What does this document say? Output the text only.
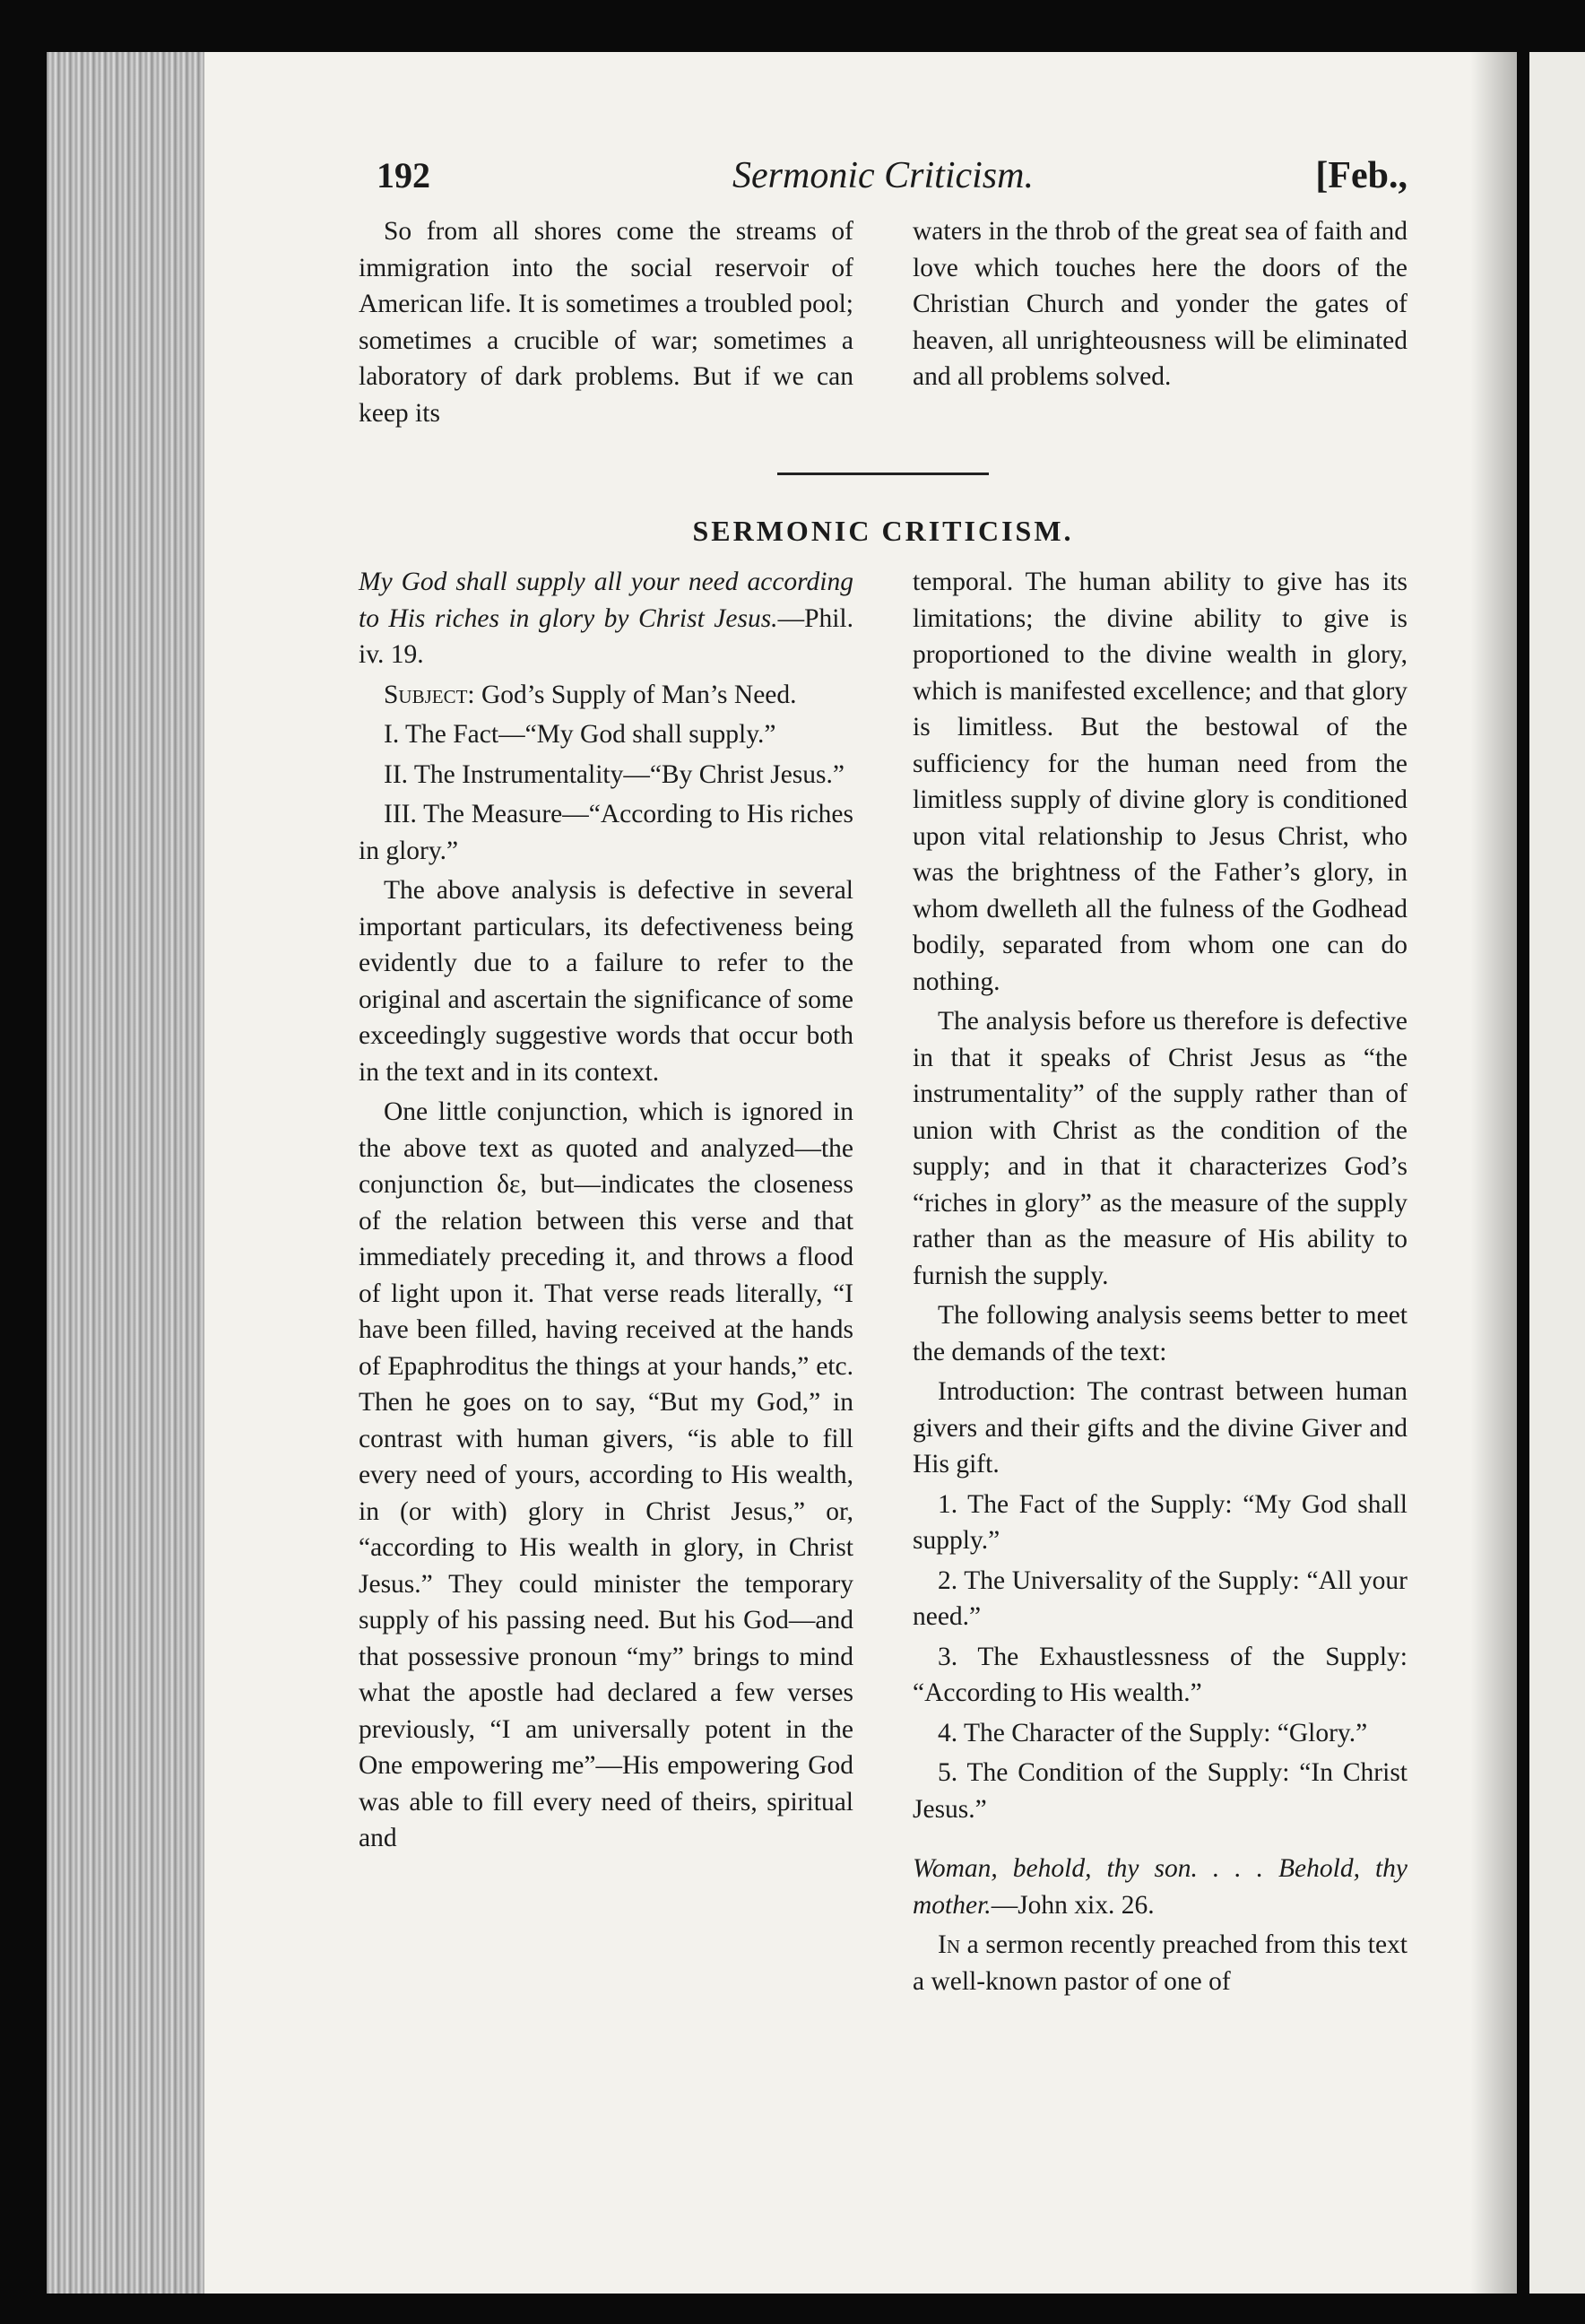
192	Sermonic Criticism.	[Feb.,

So from all shores come the streams of immigration into the social reservoir of American life. It is sometimes a troubled pool; sometimes a crucible of war; sometimes a laboratory of dark problems. But if we can keep its

waters in the throb of the great sea of faith and love which touches here the doors of the Christian Church and yonder the gates of heaven, all unrighteousness will be eliminated and all problems solved.

SERMONIC CRITICISM.

My God shall supply all your need according to His riches in glory by Christ Jesus.—Phil. iv. 19.

Subject: God’s Supply of Man’s Need.

I. The Fact—“My God shall supply.”

II. The Instrumentality—“By Christ Jesus.”

III. The Measure—“According to His riches in glory.”

The above analysis is defective in several important particulars, its defectiveness being evidently due to a failure to refer to the original and ascertain the significance of some exceedingly suggestive words that occur both in the text and in its context.

One little conjunction, which is ignored in the above text as quoted and analyzed—the conjunction δε, but—indicates the closeness of the relation between this verse and that immediately preceding it, and throws a flood of light upon it. That verse reads literally, “I have been filled, having received at the hands of Epaphroditus the things at your hands,” etc. Then he goes on to say, “But my God,” in contrast with human givers, “is able to fill every need of yours, according to His wealth, in (or with) glory in Christ Jesus,” or, “according to His wealth in glory, in Christ Jesus.” They could minister the temporary supply of his passing need. But his God—and that possessive pronoun “my” brings to mind what the apostle had declared a few verses previously, “I am universally potent in the One empowering me”—His empowering God was able to fill every need of theirs, spiritual and

temporal. The human ability to give has its limitations; the divine ability to give is proportioned to the divine wealth in glory, which is manifested excellence; and that glory is limitless. But the bestowal of the sufficiency for the human need from the limitless supply of divine glory is conditioned upon vital relationship to Jesus Christ, who was the brightness of the Father’s glory, in whom dwelleth all the fulness of the Godhead bodily, separated from whom one can do nothing.

The analysis before us therefore is defective in that it speaks of Christ Jesus as “the instrumentality” of the supply rather than of union with Christ as the condition of the supply; and in that it characterizes God’s “riches in glory” as the measure of the supply rather than as the measure of His ability to furnish the supply.

The following analysis seems better to meet the demands of the text:

Introduction: The contrast between human givers and their gifts and the divine Giver and His gift.

1. The Fact of the Supply: “My God shall supply.”

2. The Universality of the Supply: “All your need.”

3. The Exhaustlessness of the Supply: “According to His wealth.”

4. The Character of the Supply: “Glory.”

5. The Condition of the Supply: “In Christ Jesus.”

Woman, behold, thy son. . . . Behold, thy mother.—John xix. 26.

In a sermon recently preached from this text a well-known pastor of one of
